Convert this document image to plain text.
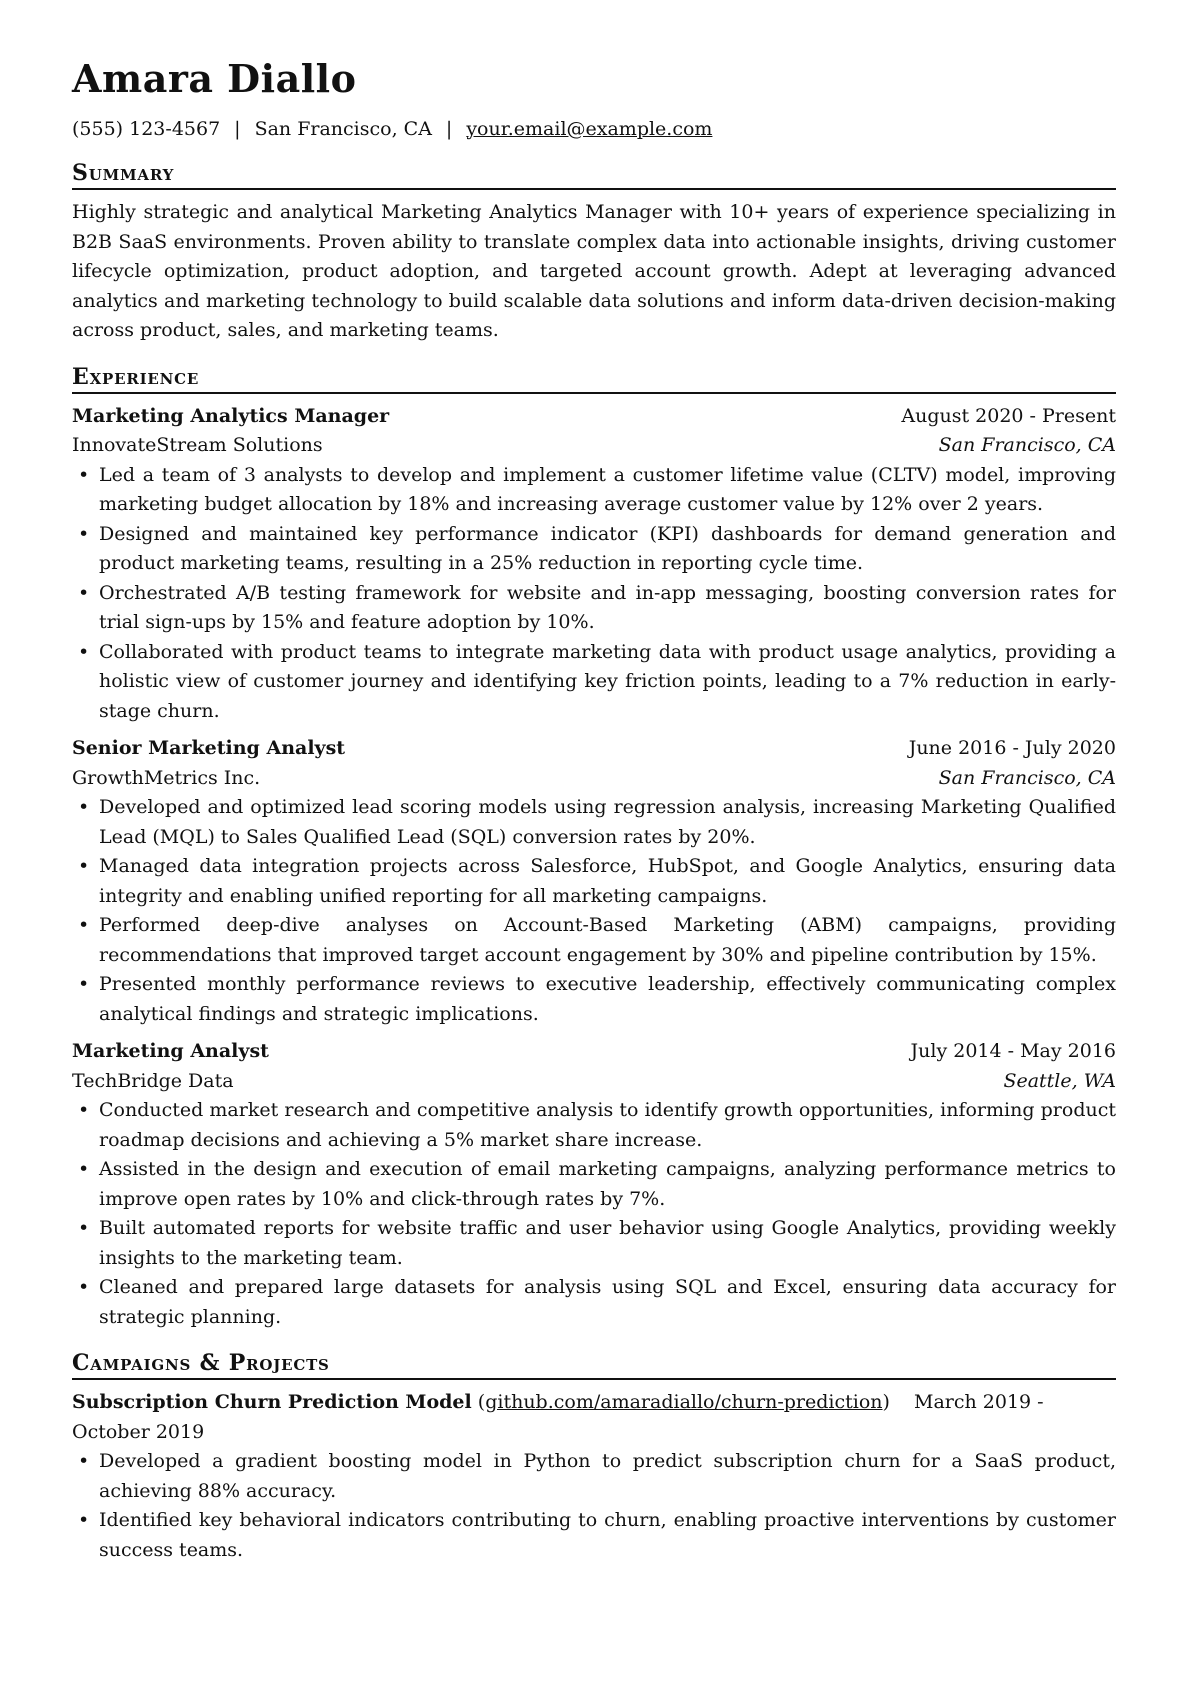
Amara Diallo
(555) 123-4567 | San Francisco, CA | your.email@example.com
Summary
Highly strategic and analytical Marketing Analytics Manager with 10+ years of experience specializing in B2B SaaS environments. Proven ability to translate complex data into actionable insights, driving customer lifecycle optimization, product adoption, and targeted account growth. Adept at leveraging advanced analytics and marketing technology to build scalable data solutions and inform data-driven decision-making across product, sales, and marketing teams.
Experience
Marketing Analytics Manager	August 2020 - Present
InnovateStream Solutions	San Francisco, CA
• Led a team of 3 analysts to develop and implement a customer lifetime value (CLTV) model, improving marketing budget allocation by 18% and increasing average customer value by 12% over 2 years.
• Designed and maintained key performance indicator (KPI) dashboards for demand generation and product marketing teams, resulting in a 25% reduction in reporting cycle time.
• Orchestrated A/B testing framework for website and in-app messaging, boosting conversion rates for trial sign-ups by 15% and feature adoption by 10%.
• Collaborated with product teams to integrate marketing data with product usage analytics, providing a holistic view of customer journey and identifying key friction points, leading to a 7% reduction in early-stage churn.
Senior Marketing Analyst	June 2016 - July 2020
GrowthMetrics Inc.	San Francisco, CA
• Developed and optimized lead scoring models using regression analysis, increasing Marketing Qualified Lead (MQL) to Sales Qualified Lead (SQL) conversion rates by 20%.
• Managed data integration projects across Salesforce, HubSpot, and Google Analytics, ensuring data integrity and enabling unified reporting for all marketing campaigns.
• Performed deep-dive analyses on Account-Based Marketing (ABM) campaigns, providing recommendations that improved target account engagement by 30% and pipeline contribution by 15%.
• Presented monthly performance reviews to executive leadership, effectively communicating complex analytical findings and strategic implications.
Marketing Analyst	July 2014 - May 2016
TechBridge Data	Seattle, WA
• Conducted market research and competitive analysis to identify growth opportunities, informing product roadmap decisions and achieving a 5% market share increase.
• Assisted in the design and execution of email marketing campaigns, analyzing performance metrics to improve open rates by 10% and click-through rates by 7%.
• Built automated reports for website traffic and user behavior using Google Analytics, providing weekly insights to the marketing team.
• Cleaned and prepared large datasets for analysis using SQL and Excel, ensuring data accuracy for strategic planning.
Campaigns & Projects
Subscription Churn Prediction Model (github.com/amaradiallo/churn-prediction) March 2019 - October 2019
• Developed a gradient boosting model in Python to predict subscription churn for a SaaS product, achieving 88% accuracy.
• Identified key behavioral indicators contributing to churn, enabling proactive interventions by customer success teams.
